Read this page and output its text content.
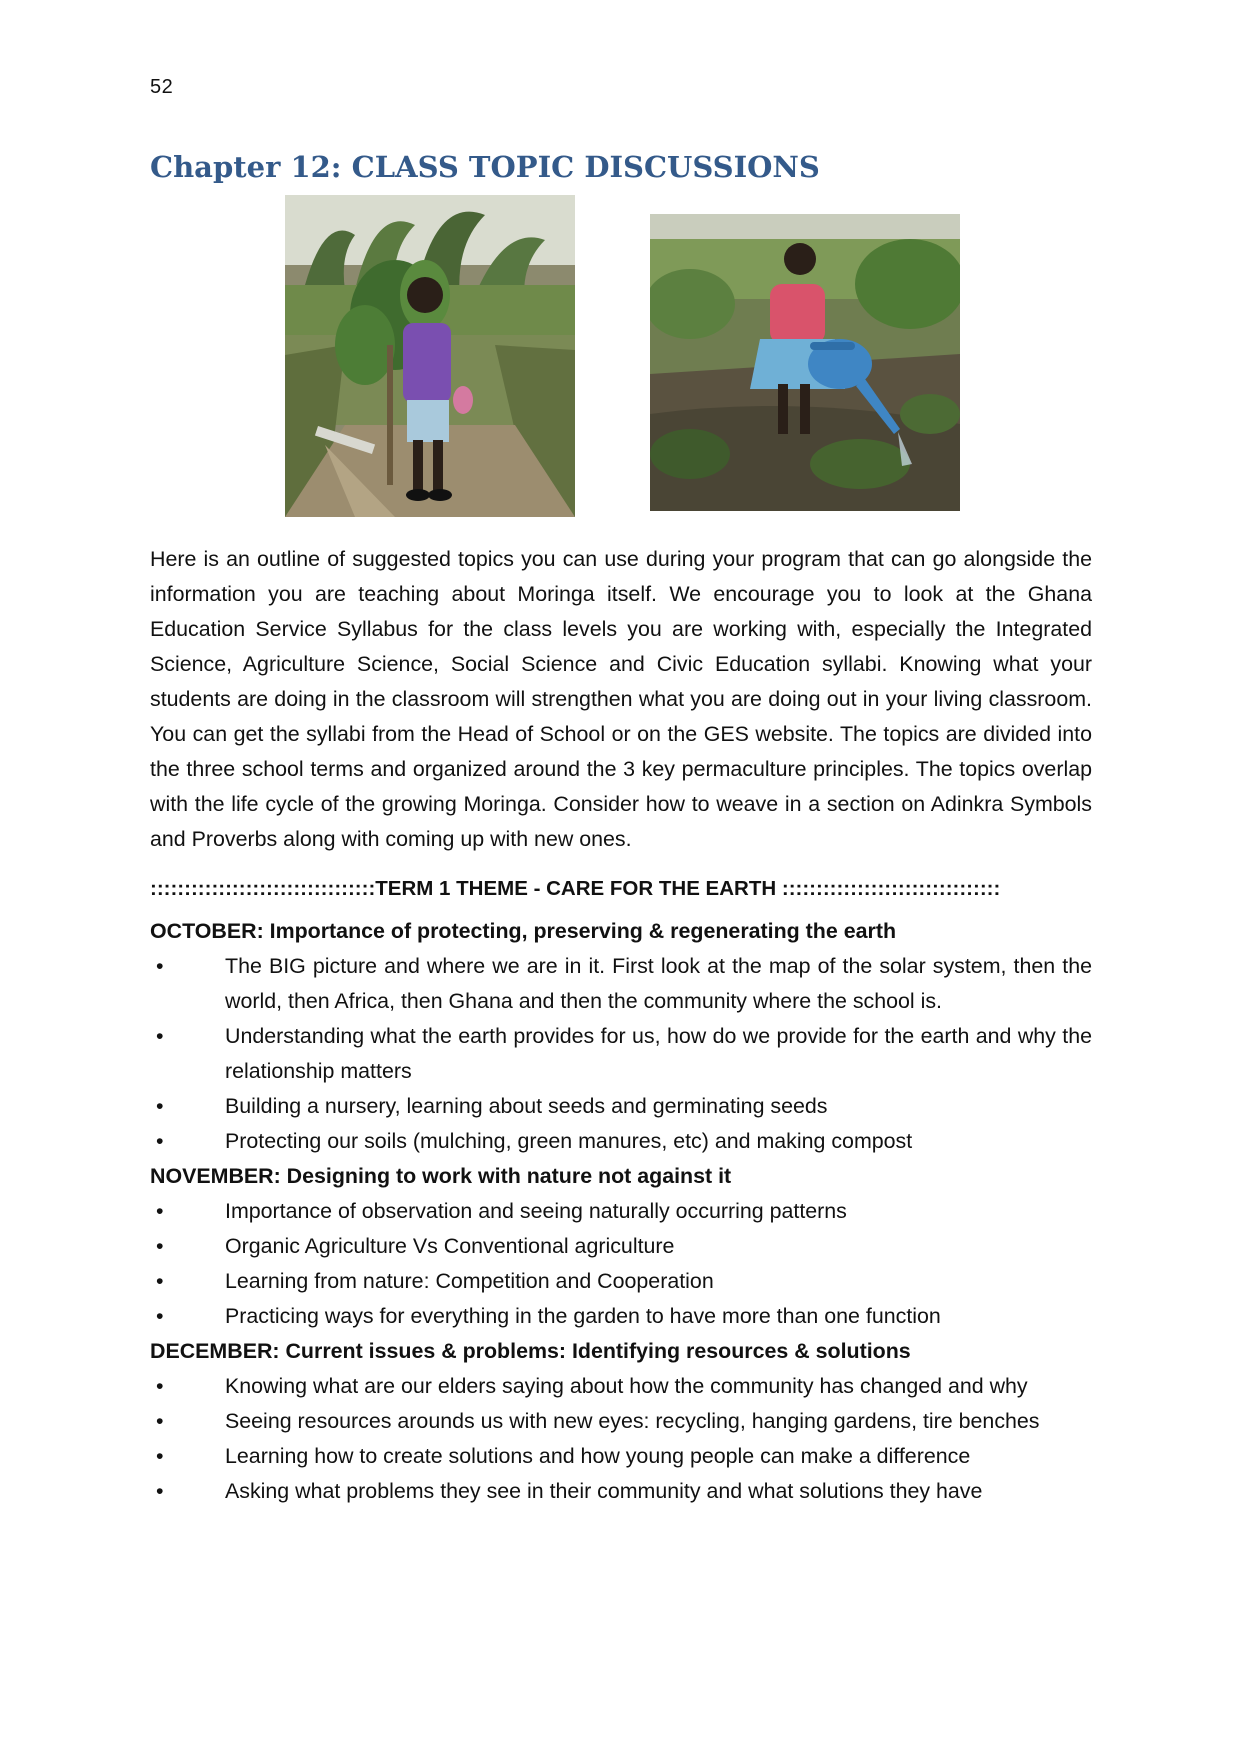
52
Chapter 12: CLASS TOPIC DISCUSSIONS

Here is an outline of suggested topics you can use during your program that can go alongside the information you are teaching about Moringa itself. We encourage you to look at the Ghana Education Service Syllabus for the class levels you are working with, especially the Integrated Science, Agriculture Science, Social Science and Civic Education syllabi. Knowing what your students are doing in the classroom will strengthen what you are doing out in your living classroom. You can get the syllabi from the Head of School or on the GES website. The topics are divided into the three school terms and organized around the 3 key permaculture principles. The topics overlap with the life cycle of the growing Moringa. Consider how to weave in a section on Adinkra Symbols and Proverbs along with coming up with new ones.

:::::::::::::::::::::::::::::::::TERM 1 THEME - CARE FOR THE EARTH ::::::::::::::::::::::::::::::::

OCTOBER: Importance of protecting, preserving & regenerating the earth

•	The BIG picture and where we are in it. First look at the map of the solar system, then the world, then Africa, then Ghana and then the community where the school is.
•	Understanding what the earth provides for us, how do we provide for the earth and why the relationship matters
•	Building a nursery, learning about seeds and germinating seeds
•	Protecting our soils (mulching, green manures, etc) and making compost

NOVEMBER: Designing to work with nature not against it

•	Importance of observation and seeing naturally occurring patterns
•	Organic Agriculture Vs Conventional agriculture
•	Learning from nature: Competition and Cooperation
•	Practicing ways for everything in the garden to have more than one function

DECEMBER: Current issues & problems: Identifying resources & solutions

•	Knowing what are our elders saying about how the community has changed and why
•	Seeing resources arounds us with new eyes: recycling, hanging gardens, tire benches
•	Learning how to create solutions and how young people can make a difference
•	Asking what problems they see in their community and what solutions they have
